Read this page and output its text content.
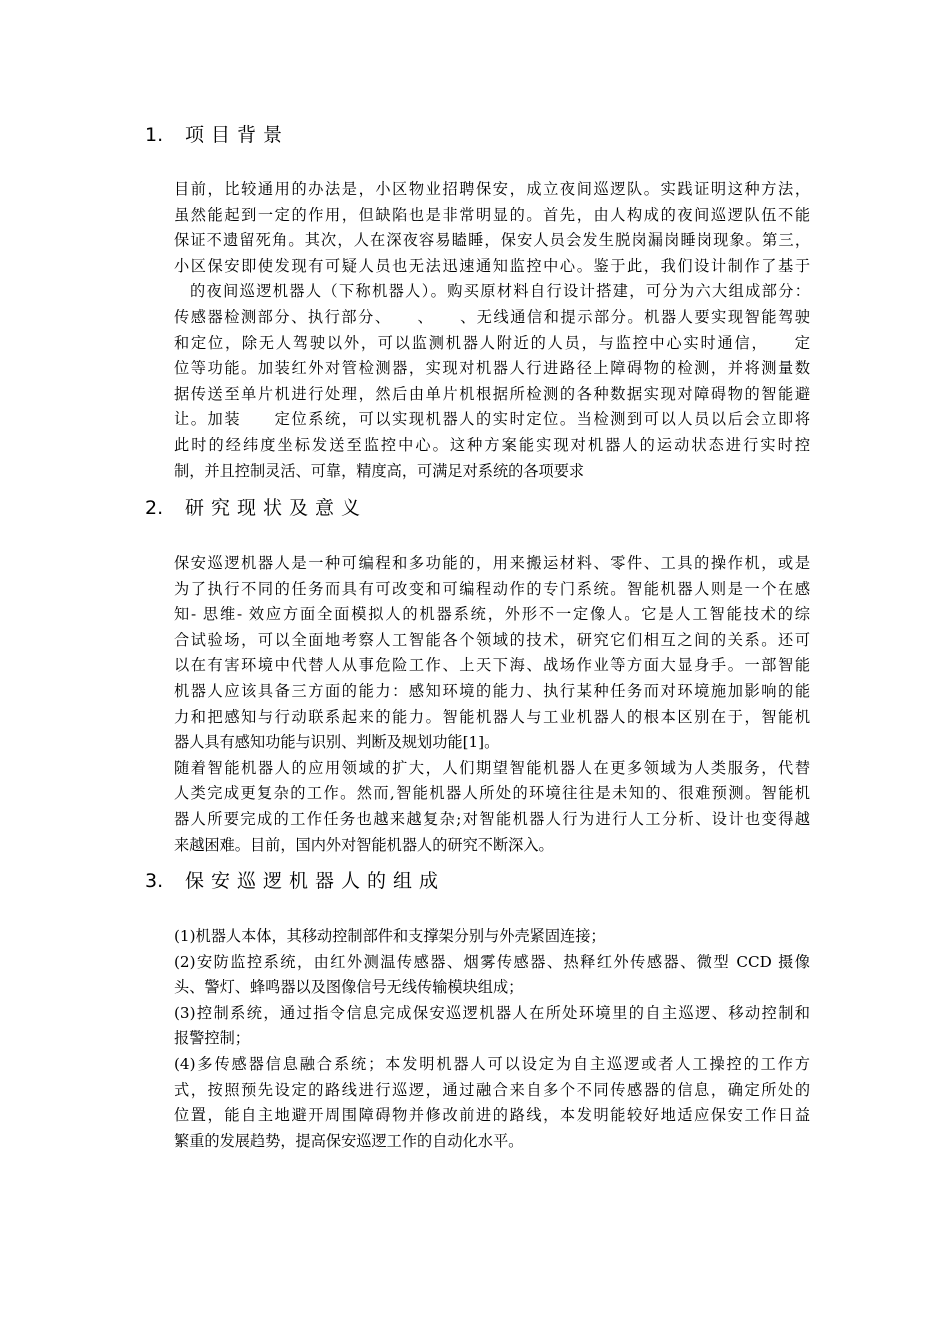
1. 项目背景
目前，比较通用的办法是，小区物业招聘保安，成立夜间巡逻队。实践证明这种方法，
虽然能起到一定的作用，但缺陷也是非常明显的。首先，由人构成的夜间巡逻队伍不能
保证不遗留死角。其次，人在深夜容易瞌睡，保安人员会发生脱岗漏岗睡岗现象。第三，
小区保安即使发现有可疑人员也无法迅速通知监控中心。鉴于此，我们设计制作了基于
的夜间巡逻机器人（下称机器人）。购买原材料自行设计搭建，可分为六大组成部分：
传感器检测部分、执行部分、　　、　　、无线通信和提示部分。机器人要实现智能驾驶
和定位，除无人驾驶以外，可以监测机器人附近的人员，与监控中心实时通信，　　定
位等功能。加装红外对管检测器，实现对机器人行进路径上障碍物的检测，并将测量数
据传送至单片机进行处理，然后由单片机根据所检测的各种数据实现对障碍物的智能避
让。加装　　定位系统，可以实现机器人的实时定位。当检测到可以人员以后会立即将
此时的经纬度坐标发送至监控中心。这种方案能实现对机器人的运动状态进行实时控
制，并且控制灵活、可靠，精度高，可满足对系统的各项要求
2. 研究现状及意义
保安巡逻机器人是一种可编程和多功能的，用来搬运材料、零件、工具的操作机，或是
为了执行不同的任务而具有可改变和可编程动作的专门系统。智能机器人则是一个在感
知- 思维- 效应方面全面模拟人的机器系统，外形不一定像人。它是人工智能技术的综
合试验场，可以全面地考察人工智能各个领域的技术，研究它们相互之间的关系。还可
以在有害环境中代替人从事危险工作、上天下海、战场作业等方面大显身手。一部智能
机器人应该具备三方面的能力：感知环境的能力、执行某种任务而对环境施加影响的能
力和把感知与行动联系起来的能力。智能机器人与工业机器人的根本区别在于，智能机
器人具有感知功能与识别、判断及规划功能[1]。
随着智能机器人的应用领域的扩大，人们期望智能机器人在更多领域为人类服务，代替
人类完成更复杂的工作。然而,智能机器人所处的环境往往是未知的、很难预测。智能机
器人所要完成的工作任务也越来越复杂;对智能机器人行为进行人工分析、设计也变得越
来越困难。目前，国内外对智能机器人的研究不断深入。
3. 保安巡逻机器人的组成
(1)机器人本体，其移动控制部件和支撑架分别与外壳紧固连接；
(2)安防监控系统，由红外测温传感器、烟雾传感器、热释红外传感器、微型 CCD 摄像
头、警灯、蜂鸣器以及图像信号无线传输模块组成；
(3)控制系统，通过指令信息完成保安巡逻机器人在所处环境里的自主巡逻、移动控制和
报警控制；
(4)多传感器信息融合系统；本发明机器人可以设定为自主巡逻或者人工操控的工作方
式，按照预先设定的路线进行巡逻，通过融合来自多个不同传感器的信息，确定所处的
位置，能自主地避开周围障碍物并修改前进的路线，本发明能较好地适应保安工作日益
繁重的发展趋势，提高保安巡逻工作的自动化水平。
